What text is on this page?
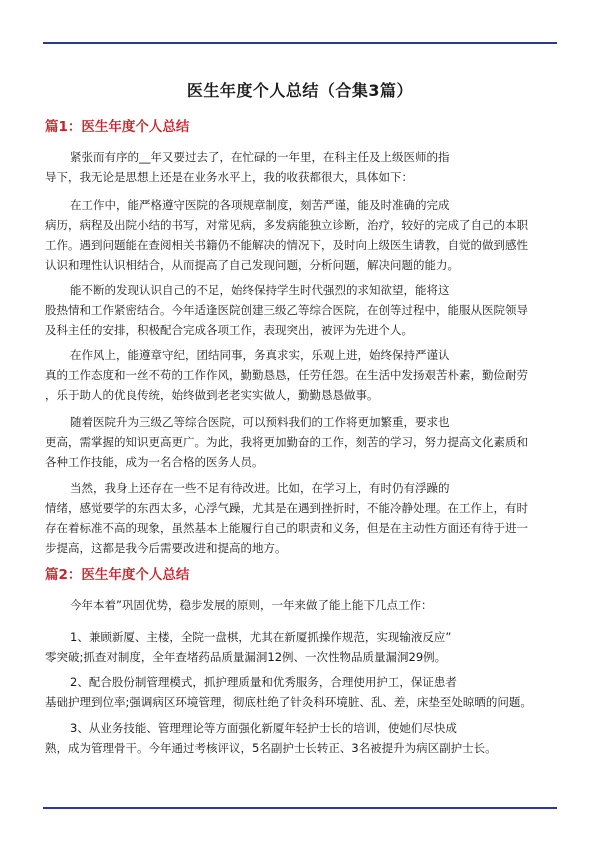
医生年度个人总结（合集3篇）
篇1：医生年度个人总结

紧张而有序的__年又要过去了，在忙碌的一年里，在科主任及上级医师的指
导下，我无论是思想上还是在业务水平上，我的收获都很大，具体如下：

在工作中，能严格遵守医院的各项规章制度，刻苦严谨，能及时准确的完成
病历，病程及出院小结的书写，对常见病，多发病能独立诊断，治疗，较好的完成了自己的本职
工作。遇到问题能在查阅相关书籍仍不能解决的情况下，及时向上级医生请教，自觉的做到感性
认识和理性认识相结合，从而提高了自己发现问题，分析问题，解决问题的能力。

能不断的发现认识自己的不足，始终保持学生时代强烈的求知欲望，能将这
股热情和工作紧密结合。今年适逢医院创建三级乙等综合医院，在创等过程中，能服从医院领导
及科主任的安排，积极配合完成各项工作，表现突出，被评为先进个人。

在作风上，能遵章守纪，团结同事，务真求实，乐观上进，始终保持严谨认
真的工作态度和一丝不苟的工作作风，勤勤恳恳，任劳任怨。在生活中发扬艰苦朴素，勤俭耐劳
，乐于助人的优良传统，始终做到老老实实做人，勤勤恳恳做事。

随着医院升为三级乙等综合医院，可以预料我们的工作将更加繁重，要求也
更高，需掌握的知识更高更广。为此，我将更加勤奋的工作，刻苦的学习，努力提高文化素质和
各种工作技能，成为一名合格的医务人员。

当然，我身上还存在一些不足有待改进。比如，在学习上，有时仍有浮躁的
情绪，感觉要学的东西太多，心浮气躁，尤其是在遇到挫折时，不能冷静处理。在工作上，有时
存在着标准不高的现象，虽然基本上能履行自己的职责和义务，但是在主动性方面还有待于进一
步提高，这都是我今后需要改进和提高的地方。

篇2：医生年度个人总结

今年本着”巩固优势，稳步发展的原则，一年来做了能上能下几点工作：

1、兼顾新厦、主楼，全院一盘棋，尤其在新厦抓操作规范，实现输液反应”
零突破;抓查对制度，全年查堵药品质量漏洞12例、一次性物品质量漏洞29例。

2、配合股份制管理模式，抓护理质量和优秀服务，合理使用护工，保证患者
基础护理到位率;强调病区环境管理，彻底杜绝了针灸科环境脏、乱、差，床垫至处晾晒的问题。

3、从业务技能、管理理论等方面强化新厦年轻护士长的培训，使她们尽快成
熟，成为管理骨干。今年通过考核评议，5名副护士长转正、3名被提升为病区副护士长。
